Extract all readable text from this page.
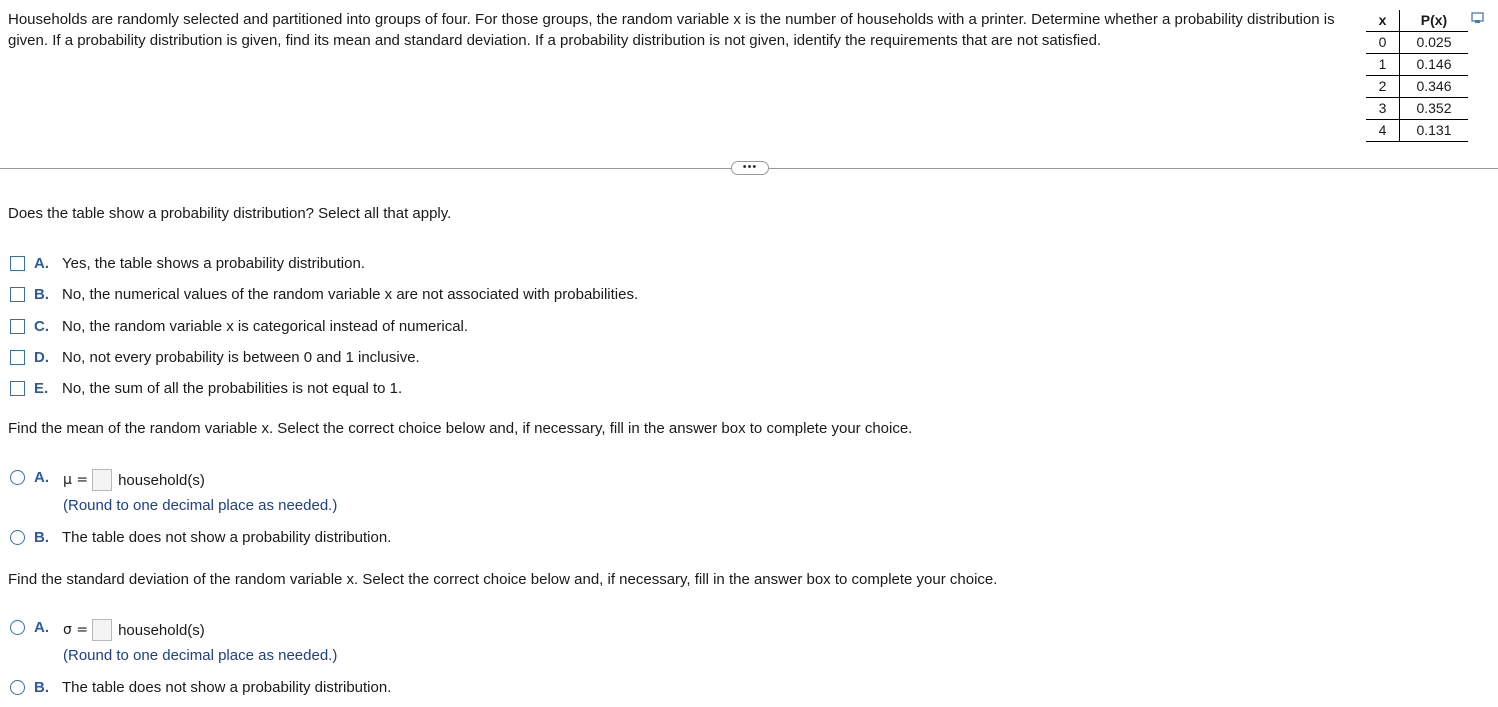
Households are randomly selected and partitioned into groups of four. For those groups, the random variable x is the number of households with a printer. Determine whether a probability distribution is given. If a probability distribution is given, find its mean and standard deviation. If a probability distribution is not given, identify the requirements that are not satisfied.
x	P(x)
0	0.025
1	0.146
2	0.346
3	0.352
4	0.131
•••
Does the table show a probability distribution? Select all that apply.
A. Yes, the table shows a probability distribution.
B. No, the numerical values of the random variable x are not associated with probabilities.
C. No, the random variable x is categorical instead of numerical.
D. No, not every probability is between 0 and 1 inclusive.
E. No, the sum of all the probabilities is not equal to 1.
Find the mean of the random variable x. Select the correct choice below and, if necessary, fill in the answer box to complete your choice.
A.	μ = household(s)
(Round to one decimal place as needed.)
B. The table does not show a probability distribution.
Find the standard deviation of the random variable x. Select the correct choice below and, if necessary, fill in the answer box to complete your choice.
A.	σ = household(s)
(Round to one decimal place as needed.)
B. The table does not show a probability distribution.
